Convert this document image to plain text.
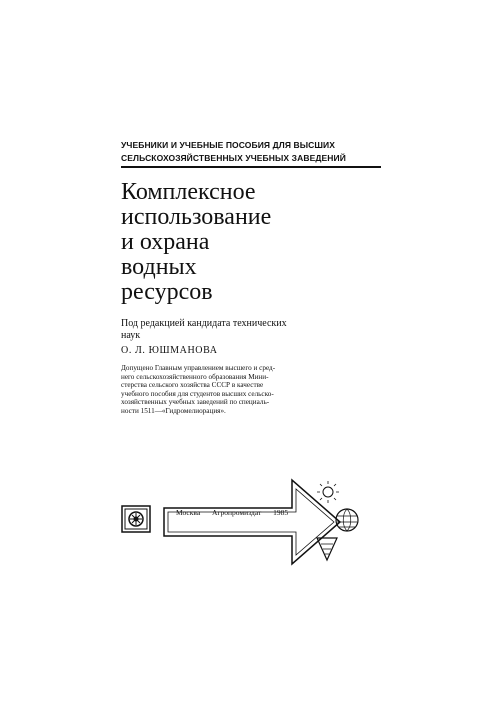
УЧЕБНИКИ И УЧЕБНЫЕ ПОСОБИЯ ДЛЯ ВЫСШИХ
СЕЛЬСКОХОЗЯЙСТВЕННЫХ УЧЕБНЫХ ЗАВЕДЕНИЙ
Комплексное
использование
и охрана
водных
ресурсов
Под редакцией кандидата технических
наук
О. Л. ЮШМАНОВА
Допущено Главным управлением высшего и сред-
него сельскохозяйственного образования Мини-
стерства сельского хозяйства СССР в качестве
учебного пособия для студентов высших сельско-
хозяйственных учебных заведений по специаль-
ности 1511—«Гидромелиорация».
Москва Агропромиздат 1985
